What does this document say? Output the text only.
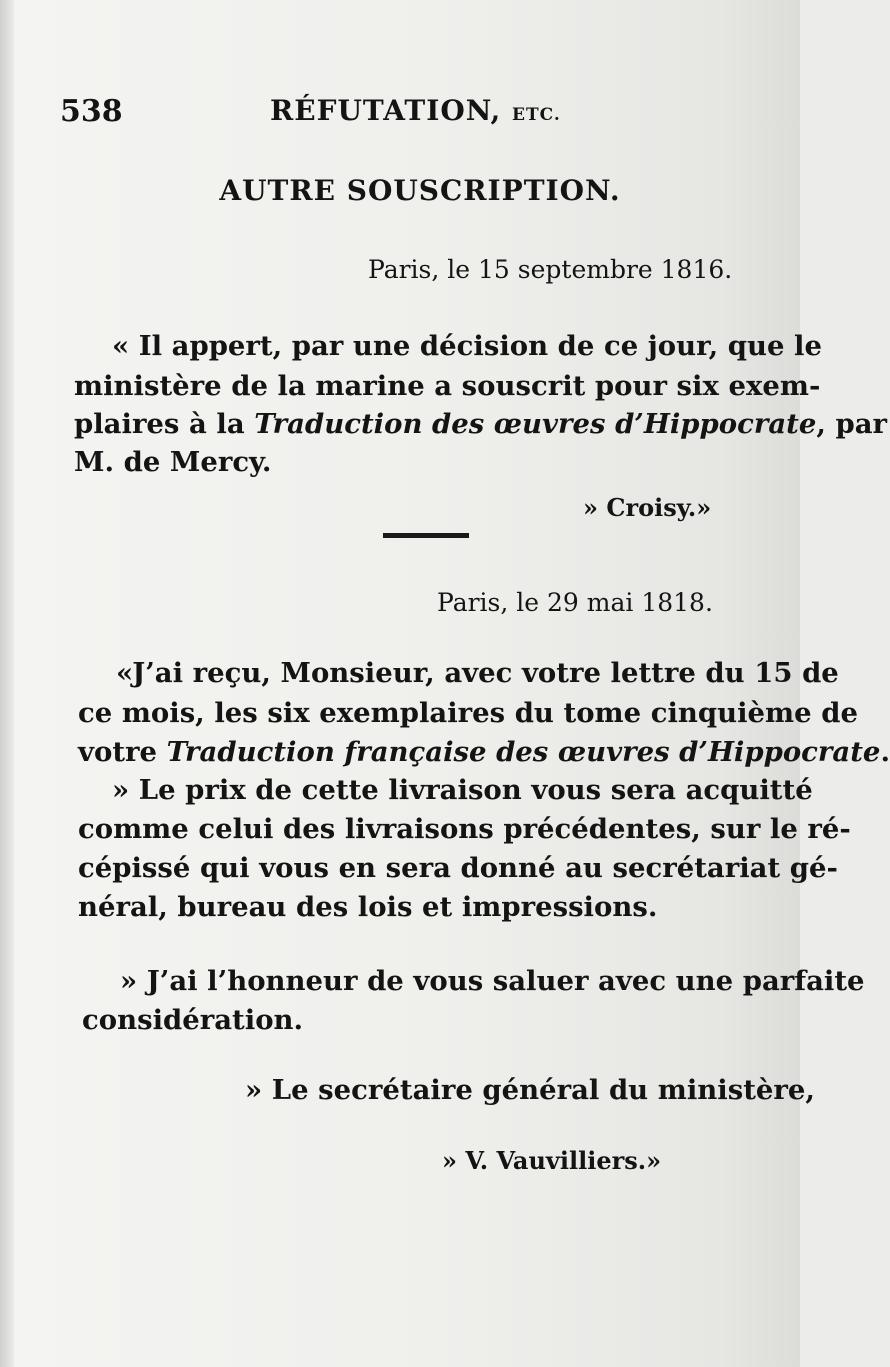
538	RÉFUTATION, ETC.
AUTRE SOUSCRIPTION.
Paris, le 15 septembre 1816.
« Il appert, par une décision de ce jour, que le
ministère de la marine a souscrit pour six exem-
plaires à la Traduction des œuvres d’Hippocrate, par
M. de Mercy.
» Croisy.»
Paris, le 29 mai 1818.
«J’ai reçu, Monsieur, avec votre lettre du 15 de
ce mois, les six exemplaires du tome cinquième de
votre Traduction française des œuvres d’Hippocrate.
» Le prix de cette livraison vous sera acquitté
comme celui des livraisons précédentes, sur le ré-
cépissé qui vous en sera donné au secrétariat gé-
néral, bureau des lois et impressions.
» J’ai l’honneur de vous saluer avec une parfaite
considération.
» Le secrétaire général du ministère,
» V. Vauvilliers.»
